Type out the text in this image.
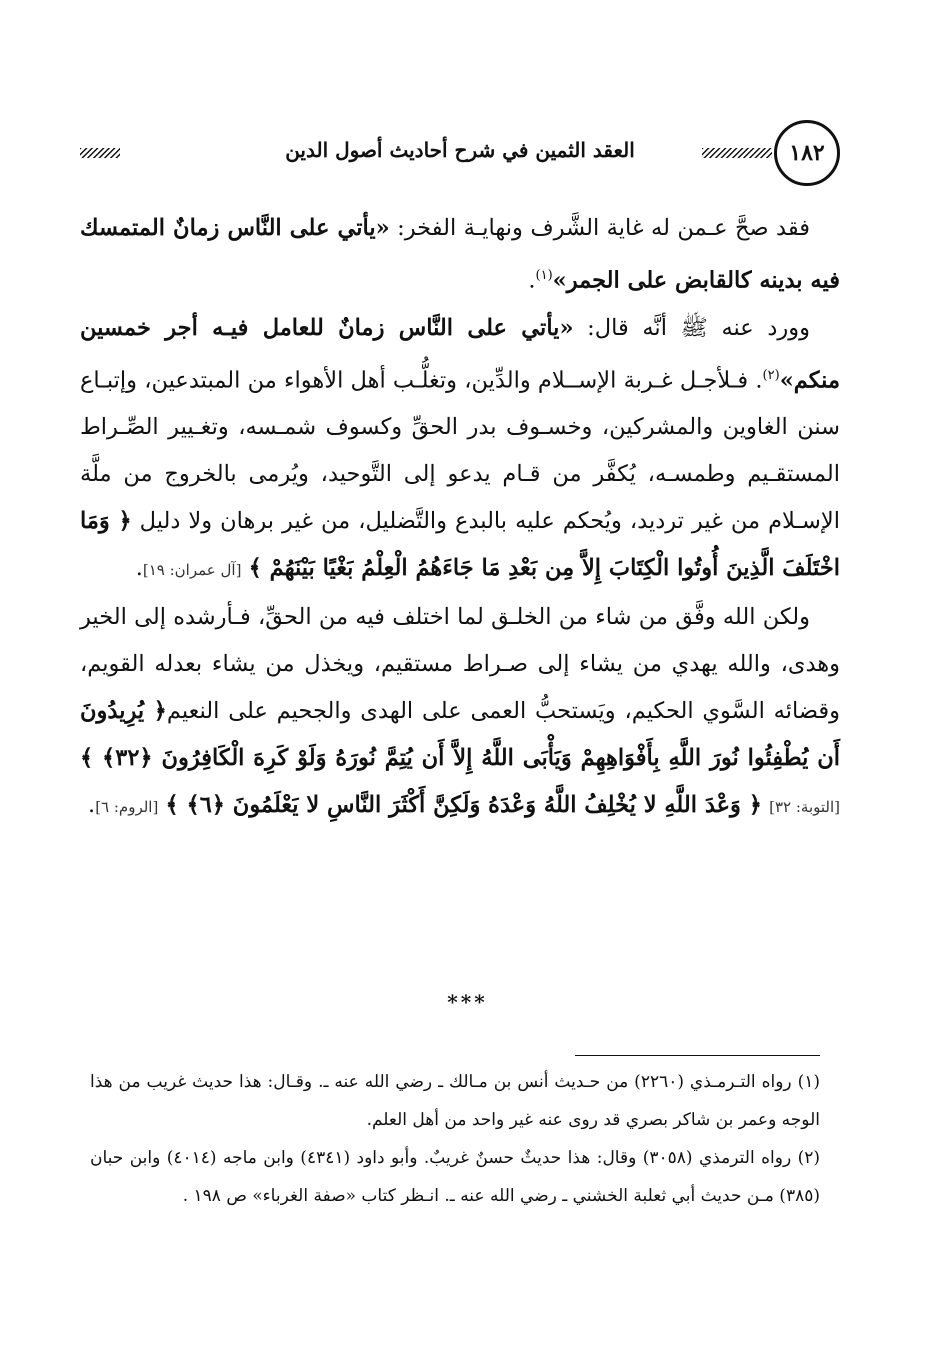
١٨٢
العقد الثمين في شرح أحاديث أصول الدين

فقد صحَّ عـمن له غاية الشَّرف ونهايـة الفخر: «يأتي على النَّاس زمانٌ المتمسك فيه بدينه كالقابض على الجمر»$^{(١)}$.

وورد عنه ﷺ أنَّه قال: «يأتي على النَّاس زمانٌ للعامل فيـه أجر خمسين منكم»$^{(٢)}$. فـلأجـل غـربة الإســلام والدِّين، وتغلُّـب أهل الأهواء من المبتدعين، وإتبـاع سنن الغاوين والمشركين، وخسـوف بدر الحقِّ وكسوف شمـسه، وتغـيير الصِّـراط المستقـيم وطمسـه، يُكفَّر من قـام يدعو إلى التَّوحيد، ويُرمى بالخروج من ملَّة الإسـلام من غير ترديد، ويُحكم عليه بالبدع والتَّضليل، من غير برهان ولا دليل ﴿ وَمَا اخْتَلَفَ الَّذِينَ أُوتُوا الْكِتَابَ إِلاَّ مِن بَعْدِ مَا جَاءَهُمُ الْعِلْمُ بَغْيًا بَيْنَهُمْ ﴾ [آل عمران: ١٩].

ولكن الله وفَّق من شاء من الخلـق لما اختلف فيه من الحقِّ، فـأرشده إلى الخير وهدى، والله يهدي من يشاء إلى صـراط مستقيم، ويخذل من يشاء بعدله القويم، وقضائه السَّوي الحكيم، ويَستحبُّ العمى على الهدى والجحيم على النعيم﴿ يُرِيدُونَ أَن يُطْفِئُوا نُورَ اللَّهِ بِأَفْوَاهِهِمْ وَيَأْبَى اللَّهُ إِلاَّ أَن يُتِمَّ نُورَهُ وَلَوْ كَرِهَ الْكَافِرُونَ ﴿٣٢﴾ ﴾ [التوبة: ٣٢] ﴿ وَعْدَ اللَّهِ لا يُخْلِفُ اللَّهُ وَعْدَهُ وَلَكِنَّ أَكْثَرَ النَّاسِ لا يَعْلَمُونَ ﴿٦﴾ ﴾ [الروم: ٦].

***

(١) رواه التـرمـذي (٢٢٦٠) من حـديث أنس بن مـالك ـ رضي الله عنه ـ. وقـال: هذا حديث غريب من هذا الوجه وعمر بن شاكر بصري قد روى عنه غير واحد من أهل العلم.

(٢) رواه الترمذي (٣٠٥٨) وقال: هذا حديثٌ حسنٌ غريبٌ. وأبو داود (٤٣٤١) وابن ماجه (٤٠١٤) وابن حبان (٣٨٥) مـن حديث أبي ثعلبة الخشني ـ رضي الله عنه ـ. انـظر كتاب «صفة الغرباء» ص ١٩٨ .
